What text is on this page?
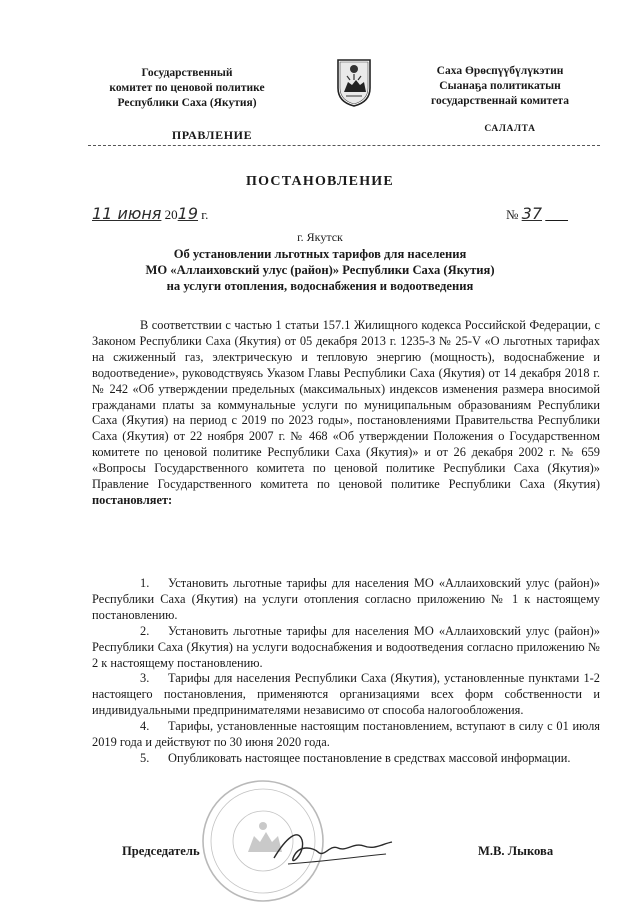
Государственный
комитет по ценовой политике
Республики Саха (Якутия)
Саха Өрөспүүбүлүкэтин
Сыанаҕа политикатын
государственнай комитета
ПРАВЛЕНИЕ	САЛАЛТА
ПОСТАНОВЛЕНИЕ
11 июня 2019 г.	№ 37
г. Якутск
Об установлении льготных тарифов для населения
МО «Аллаиховский улус (район)» Республики Саха (Якутия)
на услуги отопления, водоснабжения и водоотведения

В соответствии с частью 1 статьи 157.1 Жилищного кодекса Российской Федерации, с Законом Республики Саха (Якутия) от 05 декабря 2013 г. 1235-З № 25-V «О льготных тарифах на сжиженный газ, электрическую и тепловую энергию (мощность), водоснабжение и водоотведение», руководствуясь Указом Главы Республики Саха (Якутия) от 14 декабря 2018 г. № 242 «Об утверждении предельных (максимальных) индексов изменения размера вносимой гражданами платы за коммунальные услуги по муниципальным образованиям Республики Саха (Якутия) на период с 2019 по 2023 годы», постановлениями Правительства Республики Саха (Якутия) от 22 ноября 2007 г. № 468 «Об утверждении Положения о Государственном комитете по ценовой политике Республики Саха (Якутия)» и от 26 декабря 2002 г. № 659 «Вопросы Государственного комитета по ценовой политике Республики Саха (Якутия)» Правление Государственного комитета по ценовой политике Республики Саха (Якутия) постановляет:

1. Установить льготные тарифы для населения МО «Аллаиховский улус (район)» Республики Саха (Якутия) на услуги отопления согласно приложению № 1 к настоящему постановлению.

2. Установить льготные тарифы для населения МО «Аллаиховский улус (район)» Республики Саха (Якутия) на услуги водоснабжения и водоотведения согласно приложению № 2 к настоящему постановлению.

3. Тарифы для населения Республики Саха (Якутия), установленные пунктами 1-2 настоящего постановления, применяются организациями всех форм собственности и индивидуальными предпринимателями независимо от способа налогообложения.

4. Тарифы, установленные настоящим постановлением, вступают в силу с 01 июля 2019 года и действуют по 30 июня 2020 года.

5. Опубликовать настоящее постановление в средствах массовой информации.

Председатель	М.В. Лыкова
